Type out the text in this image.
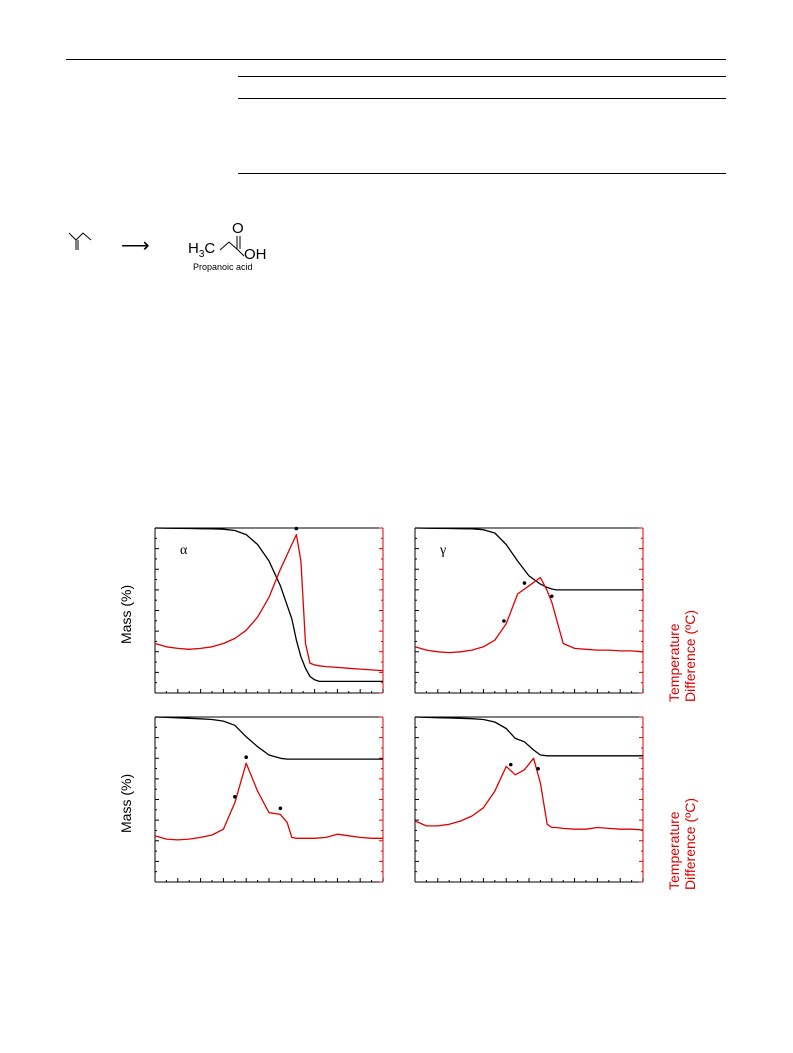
⟶	$H_3C$
O
OH
Propanoic acid
Mass (%)
Mass (%)
Temperature Difference (ºC)
Temperature Difference (ºC)
α	γ
